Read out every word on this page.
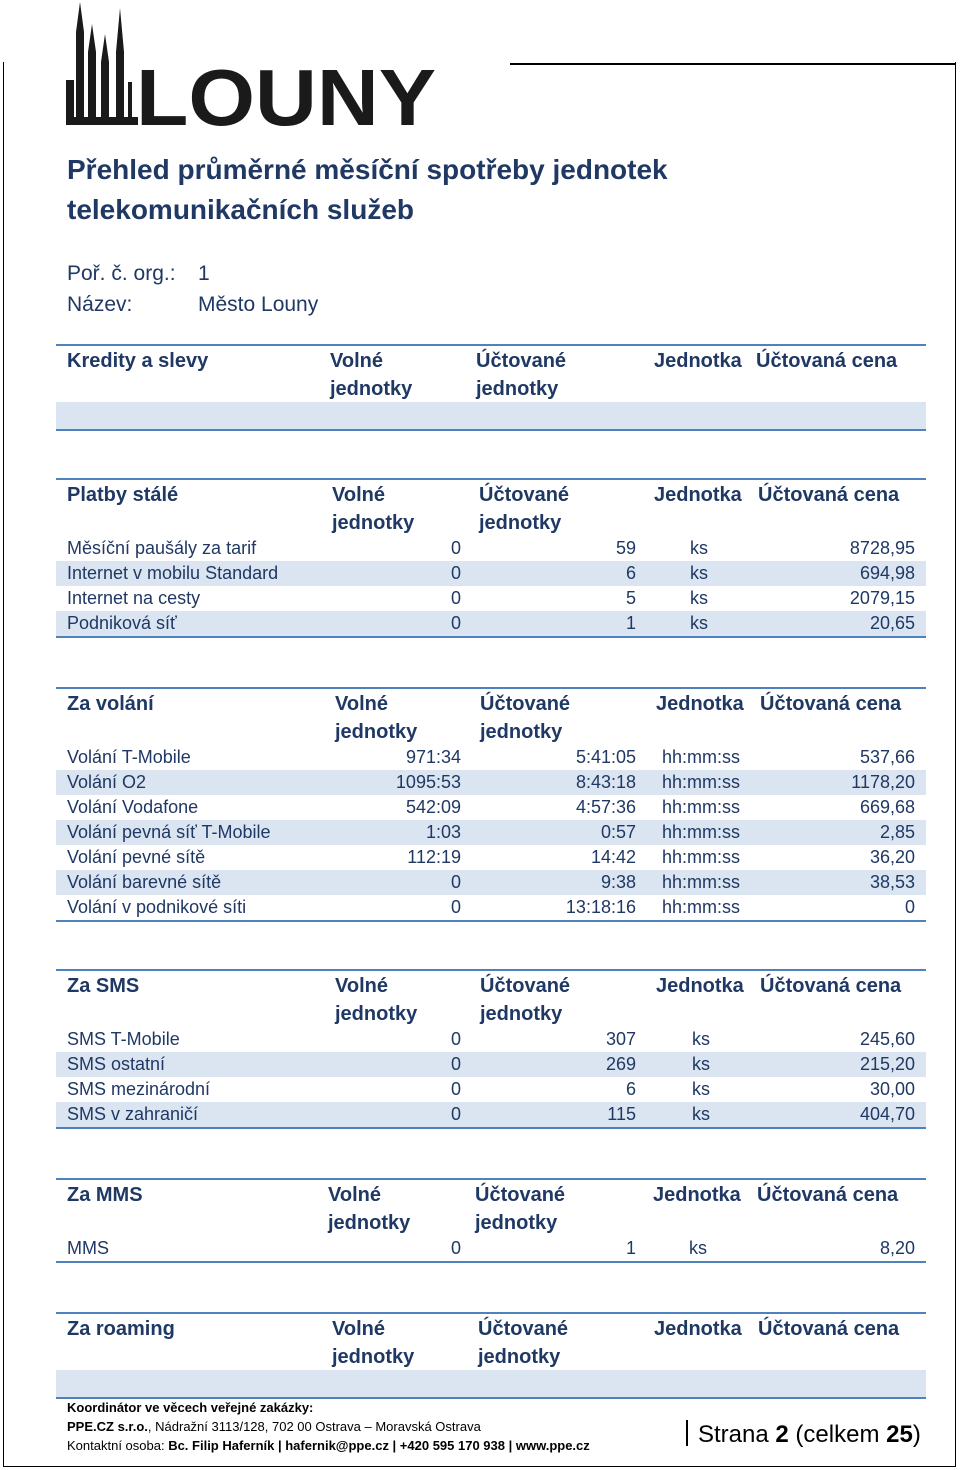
LOUNY
Přehled průměrné měsíční spotřeby jednotek
telekomunikačních služeb
Poř. č. org.:	1
Název:	Město Louny
Kredity a slevy	Volné
jednotky
Účtované
jednotky
Jednotka Účtovaná cena
Platby stálé	Volné
jednotky
Účtované
jednotky
Jednotka Účtovaná cena
Měsíční paušály za tarif	0	59	ks	8728,95
Internet v mobilu Standard	0	6	ks	694,98
Internet na cesty	0	5	ks	2079,15
Podniková síť	0	1	ks	20,65
Za volání	Volné
jednotky
Účtované
jednotky
Jednotka Účtovaná cena
Volání T-Mobile	971:34	5:41:05	hh:mm:ss	537,66
Volání O2	1095:53	8:43:18	hh:mm:ss	1178,20
Volání Vodafone	542:09	4:57:36	hh:mm:ss	669,68
Volání pevná síť T-Mobile	1:03	0:57	hh:mm:ss	2,85
Volání pevné sítě	112:19	14:42	hh:mm:ss	36,20
Volání barevné sítě	0	9:38	hh:mm:ss	38,53
Volání v podnikové síti	0	13:18:16	hh:mm:ss	0
Za SMS	Volné
jednotky
Účtované
jednotky
Jednotka Účtovaná cena
SMS T-Mobile	0	307	ks	245,60
SMS ostatní	0	269	ks	215,20
SMS mezinárodní	0	6	ks	30,00
SMS v zahraničí	0	115	ks	404,70
Za MMS	Volné
jednotky
Účtované
jednotky
Jednotka Účtovaná cena
MMS	0	1	ks	8,20
Za roaming	Volné
jednotky
Účtované
jednotky
Jednotka Účtovaná cena
Koordinátor ve věcech veřejné zakázky:
PPE.CZ s.r.o., Nádražní 3113/128, 702 00 Ostrava – Moravská Ostrava
Kontaktní osoba: Bc. Filip Haferník | hafernik@ppe.cz | +420 595 170 938 | www.ppe.cz	Strana 2 (celkem 25)
